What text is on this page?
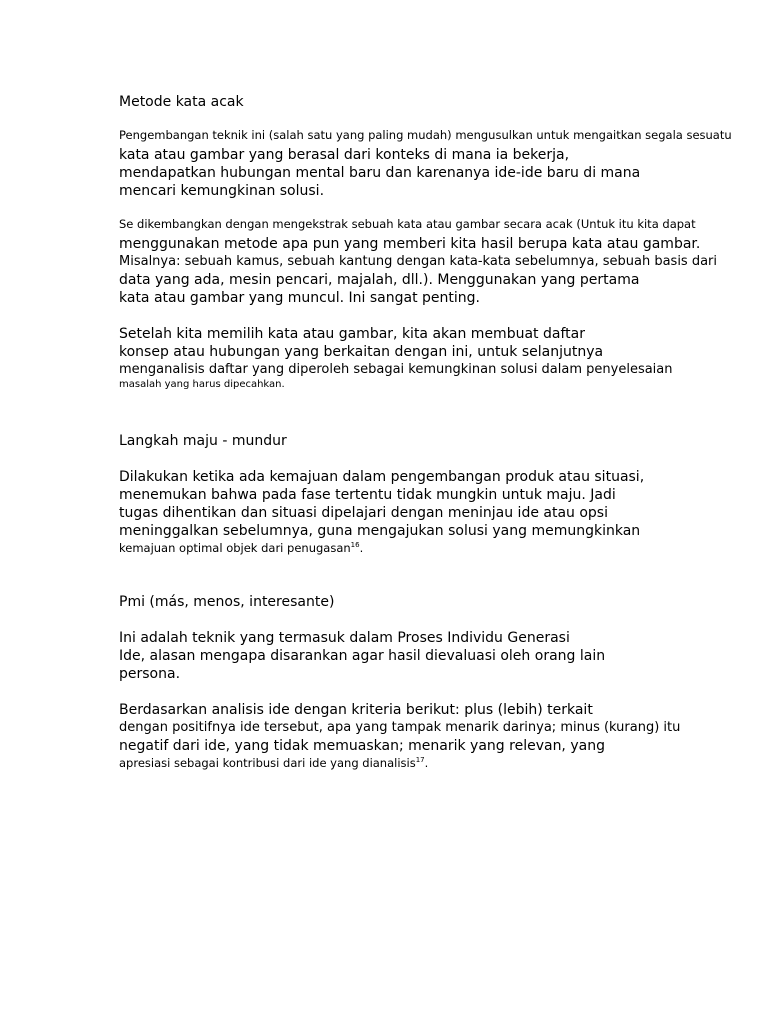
Metode kata acak
Pengembangan teknik ini (salah satu yang paling mudah) mengusulkan untuk mengaitkan segala sesuatu
kata atau gambar yang berasal dari konteks di mana ia bekerja,
mendapatkan hubungan mental baru dan karenanya ide-ide baru di mana
mencari kemungkinan solusi.
Se dikembangkan dengan mengekstrak sebuah kata atau gambar secara acak (Untuk itu kita dapat
menggunakan metode apa pun yang memberi kita hasil berupa kata atau gambar.
Misalnya: sebuah kamus, sebuah kantung dengan kata-kata sebelumnya, sebuah basis dari
data yang ada, mesin pencari, majalah, dll.). Menggunakan yang pertama
kata atau gambar yang muncul. Ini sangat penting.
Setelah kita memilih kata atau gambar, kita akan membuat daftar
konsep atau hubungan yang berkaitan dengan ini, untuk selanjutnya
menganalisis daftar yang diperoleh sebagai kemungkinan solusi dalam penyelesaian
masalah yang harus dipecahkan.
Langkah maju - mundur
Dilakukan ketika ada kemajuan dalam pengembangan produk atau situasi,
menemukan bahwa pada fase tertentu tidak mungkin untuk maju. Jadi
tugas dihentikan dan situasi dipelajari dengan meninjau ide atau opsi
meninggalkan sebelumnya, guna mengajukan solusi yang memungkinkan
kemajuan optimal objek dari penugasan$^{16}$.
Pmi (más, menos, interesante)
Ini adalah teknik yang termasuk dalam Proses Individu Generasi
Ide, alasan mengapa disarankan agar hasil dievaluasi oleh orang lain
persona.
Berdasarkan analisis ide dengan kriteria berikut: plus (lebih) terkait
dengan positifnya ide tersebut, apa yang tampak menarik darinya; minus (kurang) itu
negatif dari ide, yang tidak memuaskan; menarik yang relevan, yang
apresiasi sebagai kontribusi dari ide yang dianalisis$^{17}$.
